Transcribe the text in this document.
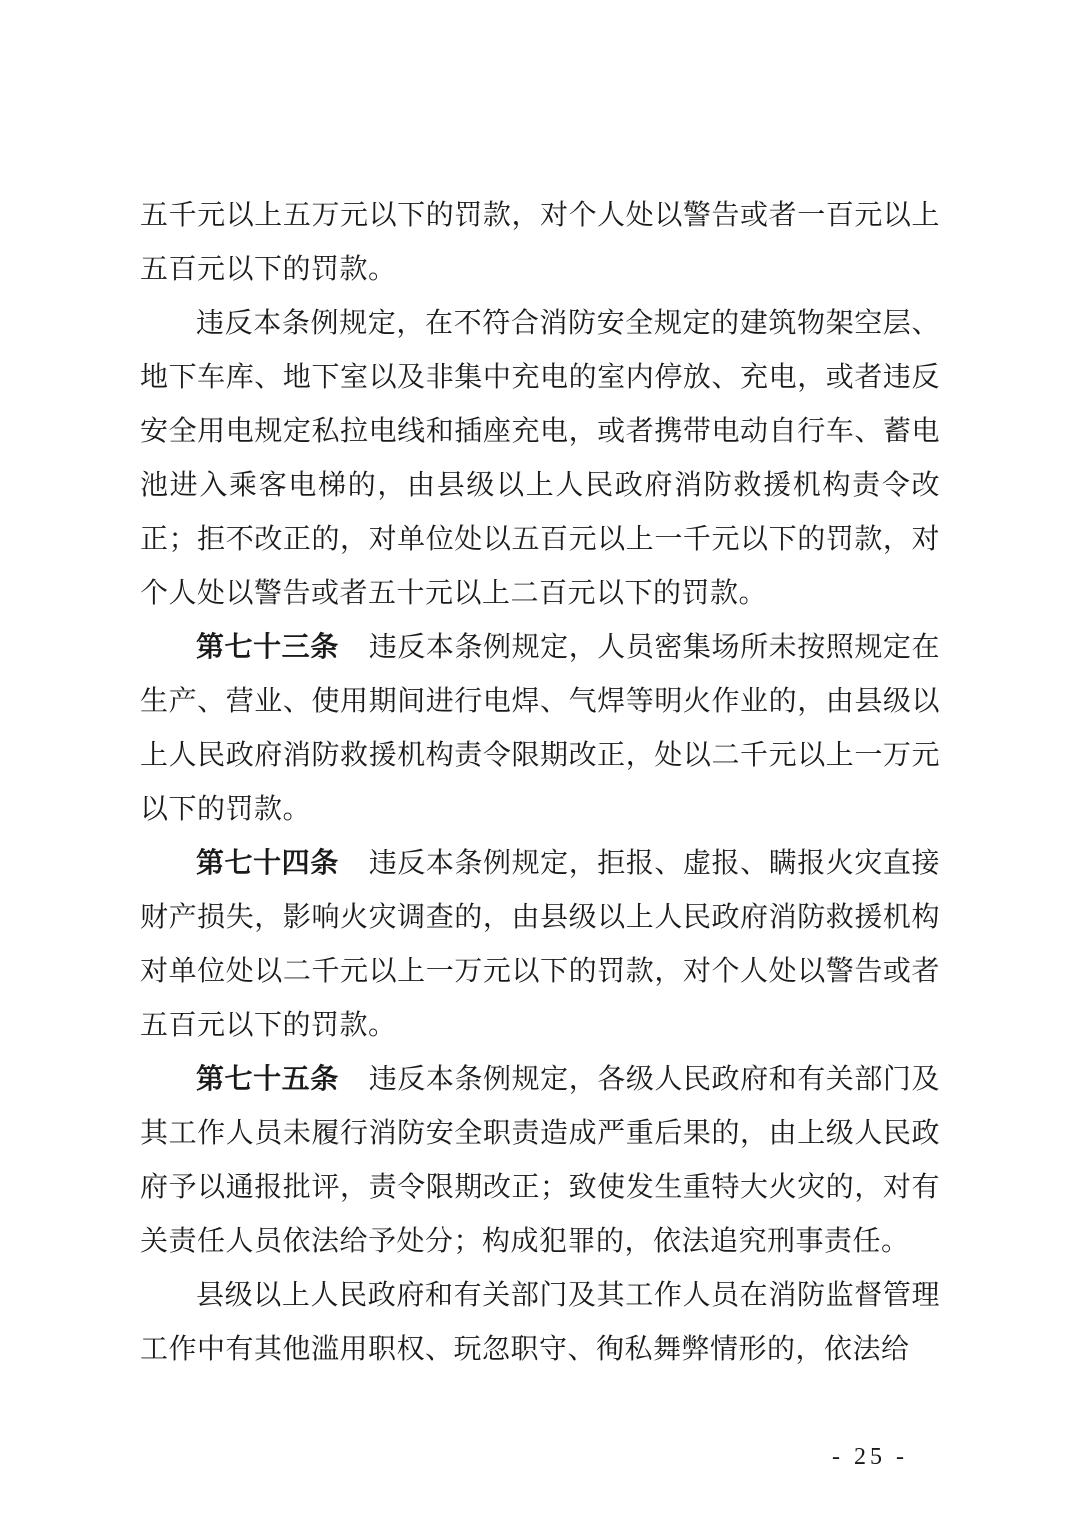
五千元以上五万元以下的罚款，对个人处以警告或者一百元以上五百元以下的罚款。

违反本条例规定，在不符合消防安全规定的建筑物架空层、地下车库、地下室以及非集中充电的室内停放、充电，或者违反安全用电规定私拉电线和插座充电，或者携带电动自行车、蓄电池进入乘客电梯的，由县级以上人民政府消防救援机构责令改正；拒不改正的，对单位处以五百元以上一千元以下的罚款，对个人处以警告或者五十元以上二百元以下的罚款。

第七十三条 违反本条例规定，人员密集场所未按照规定在生产、营业、使用期间进行电焊、气焊等明火作业的，由县级以上人民政府消防救援机构责令限期改正，处以二千元以上一万元以下的罚款。

第七十四条 违反本条例规定，拒报、虚报、瞒报火灾直接财产损失，影响火灾调查的，由县级以上人民政府消防救援机构对单位处以二千元以上一万元以下的罚款，对个人处以警告或者五百元以下的罚款。

第七十五条 违反本条例规定，各级人民政府和有关部门及其工作人员未履行消防安全职责造成严重后果的，由上级人民政府予以通报批评，责令限期改正；致使发生重特大火灾的，对有关责任人员依法给予处分；构成犯罪的，依法追究刑事责任。

县级以上人民政府和有关部门及其工作人员在消防监督管理工作中有其他滥用职权、玩忽职守、徇私舞弊情形的，依法给

- 25 -
